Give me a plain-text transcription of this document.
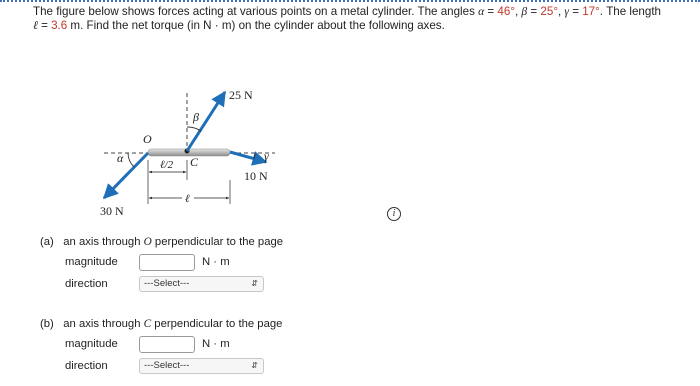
The figure below shows forces acting at various points on a metal cylinder. The angles α = 46°, β = 25°, γ = 17°. The length
ℓ = 3.6 m. Find the net torque (in N · m) on the cylinder about the following axes.
25 N
10 N
30 N
O
C
α
β
γ
ℓ/2
ℓ
i
(a) an axis through O perpendicular to the page
magnitude	N · m
direction	---Select---	⇵
(b) an axis through C perpendicular to the page
magnitude	N · m
direction	---Select---	⇵
